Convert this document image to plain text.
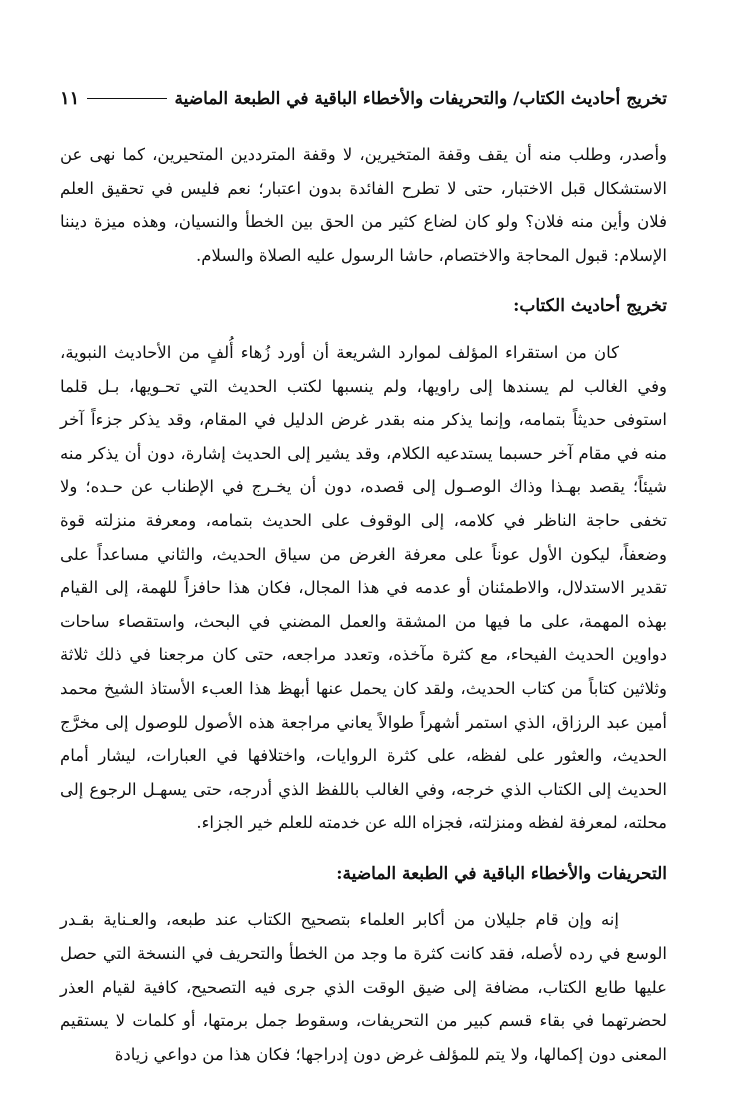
تخريج أحاديث الكتاب/ والتحريفات والأخطاء الباقية في الطبعة الماضية
١١

وأصدر، وطلب منه أن يقف وقفة المتخيرين، لا وقفة المترددين المتحيرين، كما نهى عن الاستشكال قبل الاختبار، حتى لا تطرح الفائدة بدون اعتبار؛ نعم فليس في تحقيق العلم فلان وأين منه فلان؟ ولو كان لضاع كثير من الحق بين الخطأ والنسيان، وهذه ميزة ديننا الإسلام: قبول المحاجة والاختصام، حاشا الرسول عليه الصلاة والسلام.

تخريج أحاديث الكتاب:

كان من استقراء المؤلف لموارد الشريعة أن أورد زُهاء أُلفٍ من الأحاديث النبوية، وفي الغالب لم يسندها إلى راويها، ولم ينسبها لكتب الحديث التي تحـويها، بـل قلما استوفى حديثاً بتمامه، وإنما يذكر منه بقدر غرض الدليل في المقام، وقد يذكر جزءاً آخر منه في مقام آخر حسبما يستدعيه الكلام، وقد يشير إلى الحديث إشارة، دون أن يذكر منه شيئاً؛ يقصد بهـذا وذاك الوصـول إلى قصده، دون أن يخـرج في الإطناب عن حـده؛ ولا تخفى حاجة الناظر في كلامه، إلى الوقوف على الحديث بتمامه، ومعرفة منزلته قوة وضعفاً، ليكون الأول عوناً على معرفة الغرض من سياق الحديث، والثاني مساعداً على تقدير الاستدلال، والاطمئنان أو عدمه في هذا المجال، فكان هذا حافزاً للهمة، إلى القيام بهذه المهمة، على ما فيها من المشقة والعمل المضني في البحث، واستقصاء ساحات دواوين الحديث الفيحاء، مع كثرة مآخذه، وتعدد مراجعه، حتى كان مرجعنا في ذلك ثلاثة وثلاثين كتاباً من كتاب الحديث، ولقد كان يحمل عنها أبهظ هذا العبء الأستاذ الشيخ محمد أمين عبد الرزاق، الذي استمر أشهراً طوالاً يعاني مراجعة هذه الأصول للوصول إلى مخرَّج الحديث، والعثور على لفظه، على كثرة الروايات، واختلافها في العبارات، ليشار أمام الحديث إلى الكتاب الذي خرجه، وفي الغالب باللفظ الذي أدرجه، حتى يسهـل الرجوع إلى محلته، لمعرفة لفظه ومنزلته، فجزاه الله عن خدمته للعلم خير الجزاء.

التحريفات والأخطاء الباقية في الطبعة الماضية:

إنه وإن قام جليلان من أكابر العلماء بتصحيح الكتاب عند طبعه، والعـناية بقـدر الوسع في رده لأصله، فقد كانت كثرة ما وجد من الخطأ والتحريف في النسخة التي حصل عليها طابع الكتاب، مضافة إلى ضيق الوقت الذي جرى فيه التصحيح، كافية لقيام العذر لحضرتهما في بقاء قسم كبير من التحريفات، وسقوط جمل برمتها، أو كلمات لا يستقيم المعنى دون إكمالها، ولا يتم للمؤلف غرض دون إدراجها؛ فكان هذا من دواعي زيادة
